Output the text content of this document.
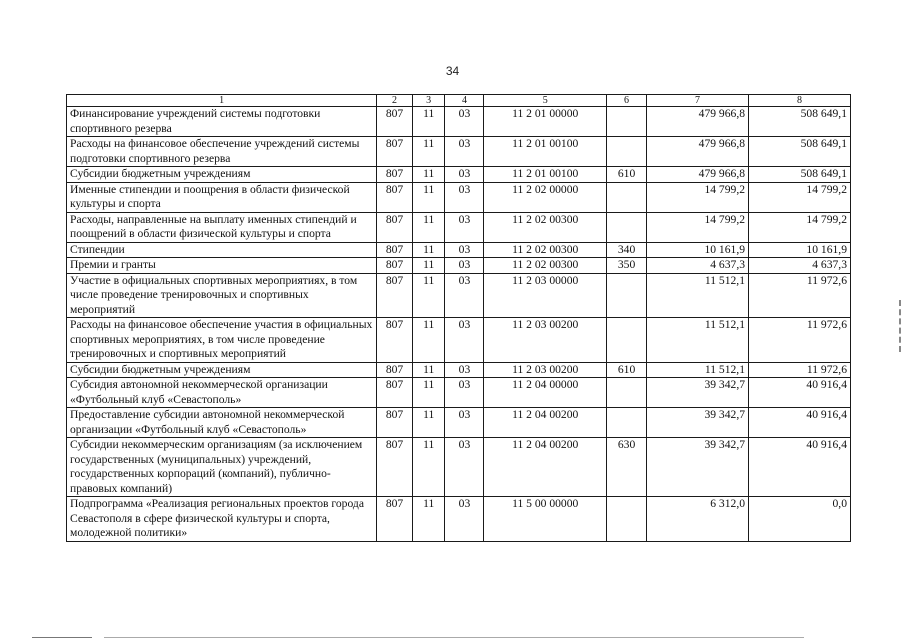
34
1	2	3	4	5	6	7	8
Финансирование учреждений системы подготовки спортивного резерва	807	11	03	11 2 01 00000		479 966,8	508 649,1
Расходы на финансовое обеспечение учреждений системы подготовки спортивного резерва	807	11	03	11 2 01 00100		479 966,8	508 649,1
Субсидии бюджетным учреждениям	807	11	03	11 2 01 00100	610	479 966,8	508 649,1
Именные стипендии и поощрения в области физической культуры и спорта	807	11	03	11 2 02 00000		14 799,2	14 799,2
Расходы, направленные на выплату именных стипендий и поощрений в области физической культуры и спорта	807	11	03	11 2 02 00300		14 799,2	14 799,2
Стипендии	807	11	03	11 2 02 00300	340	10 161,9	10 161,9
Премии и гранты	807	11	03	11 2 02 00300	350	4 637,3	4 637,3
Участие в официальных спортивных мероприятиях, в том числе проведение тренировочных и спортивных мероприятий	807	11	03	11 2 03 00000		11 512,1	11 972,6
Расходы на финансовое обеспечение участия в официальных спортивных мероприятиях, в том числе проведение тренировочных и спортивных мероприятий	807	11	03	11 2 03 00200		11 512,1	11 972,6
Субсидии бюджетным учреждениям	807	11	03	11 2 03 00200	610	11 512,1	11 972,6
Субсидия автономной некоммерческой организации «Футбольный клуб «Севастополь»	807	11	03	11 2 04 00000		39 342,7	40 916,4
Предоставление субсидии автономной некоммерческой организации «Футбольный клуб «Севастополь»	807	11	03	11 2 04 00200		39 342,7	40 916,4
Субсидии некоммерческим организациям (за исключением государственных (муниципальных) учреждений, государственных корпораций (компаний), публично-правовых компаний)	807	11	03	11 2 04 00200	630	39 342,7	40 916,4
Подпрограмма «Реализация региональных проектов города Севастополя в сфере физической культуры и спорта, молодежной политики»	807	11	03	11 5 00 00000		6 312,0	0,0
